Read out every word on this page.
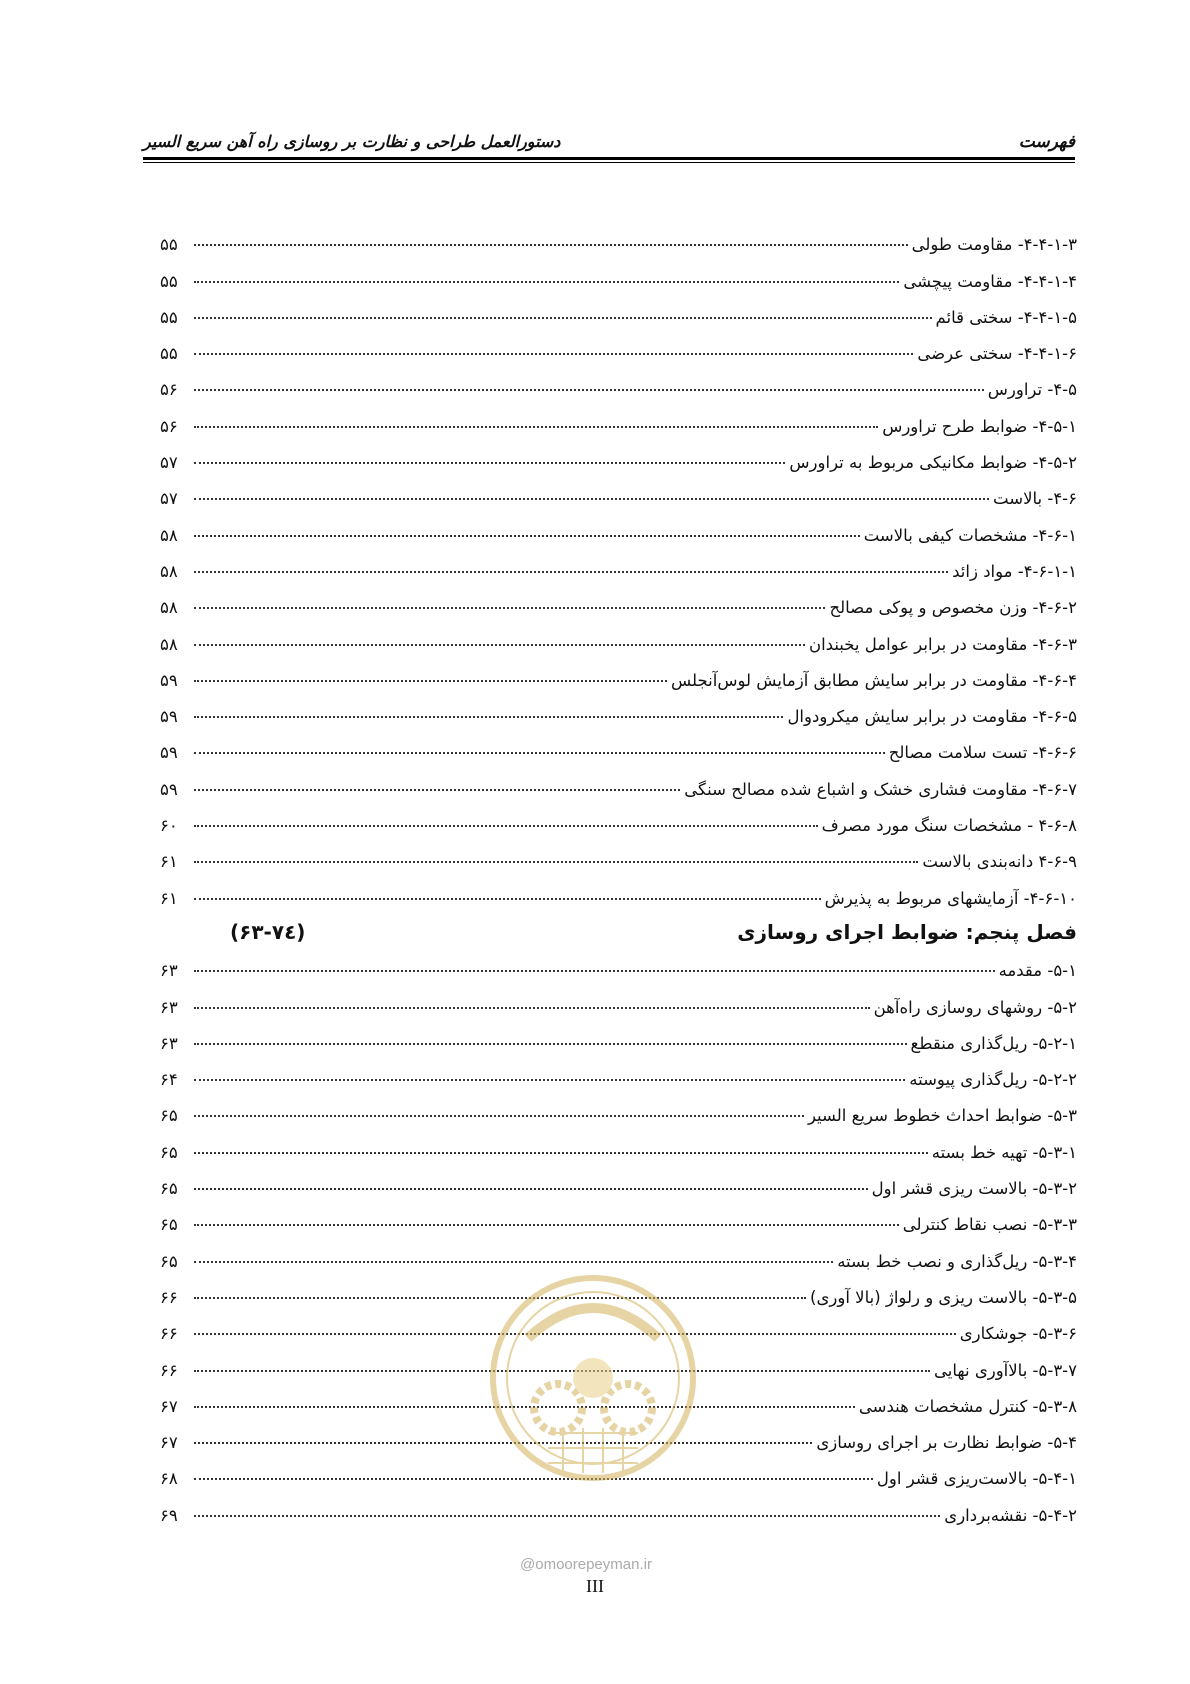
فهرست
دستورالعمل طراحی و نظارت بر روسازی راه آهن سریع السیر
۴-۴-۱-۳- مقاومت طولی
۵۵
۴-۴-۱-۴- مقاومت پیچشی
۵۵
۴-۴-۱-۵- سختی قائم
۵۵
۴-۴-۱-۶- سختی عرضی
۵۵
۴-۵- تراورس
۵۶
۴-۵-۱- ضوابط طرح تراورس
۵۶
۴-۵-۲- ضوابط مکانیکی مربوط به تراورس
۵۷
۴-۶- بالاست
۵۷
۴-۶-۱- مشخصات کیفی بالاست
۵۸
۴-۶-۱-۱- مواد زائد
۵۸
۴-۶-۲- وزن مخصوص و پوکی مصالح
۵۸
۴-۶-۳- مقاومت در برابر عوامل یخبندان
۵۸
۴-۶-۴- مقاومت در برابر سایش مطابق آزمایش لوس‌آنجلس
۵۹
۴-۶-۵- مقاومت در برابر سایش میکرودوال
۵۹
۴-۶-۶- تست سلامت مصالح
۵۹
۴-۶-۷- مقاومت فشاری خشک و اشباع شده مصالح سنگی
۵۹
۴-۶-۸ - مشخصات سنگ مورد مصرف
۶۰
۴-۶-۹ دانه‌بندی بالاست
۶۱
۴-۶-۱۰- آزمایشهای مربوط به پذیرش
۶۱
فصل پنجم: ضوابط اجرای روسازی
(۶۳-۷٤)
۵-۱- مقدمه
۶۳
۵-۲- روشهای روسازی راه‌آهن
۶۳
۵-۲-۱- ریل‌گذاری منقطع
۶۳
۵-۲-۲- ریل‌گذاری پیوسته
۶۴
۵-۳- ضوابط احداث خطوط سریع السیر
۶۵
۵-۳-۱- تهیه خط بسته
۶۵
۵-۳-۲- بالاست ریزی قشر اول
۶۵
۵-۳-۳- نصب نقاط کنترلی
۶۵
۵-۳-۴- ریل‌گذاری و نصب خط بسته
۶۵
۵-۳-۵- بالاست ریزی و رلواژ (بالا آوری)
۶۶
۵-۳-۶- جوشکاری
۶۶
۵-۳-۷- بالاآوری نهایی
۶۶
۵-۳-۸- کنترل مشخصات هندسی
۶۷
۵-۴- ضوابط نظارت بر اجرای روسازی
۶۷
۵-۴-۱- بالاست‌ریزی قشر اول
۶۸
۵-۴-۲- نقشه‌برداری
۶۹
@omoorepeyman.ir
III
